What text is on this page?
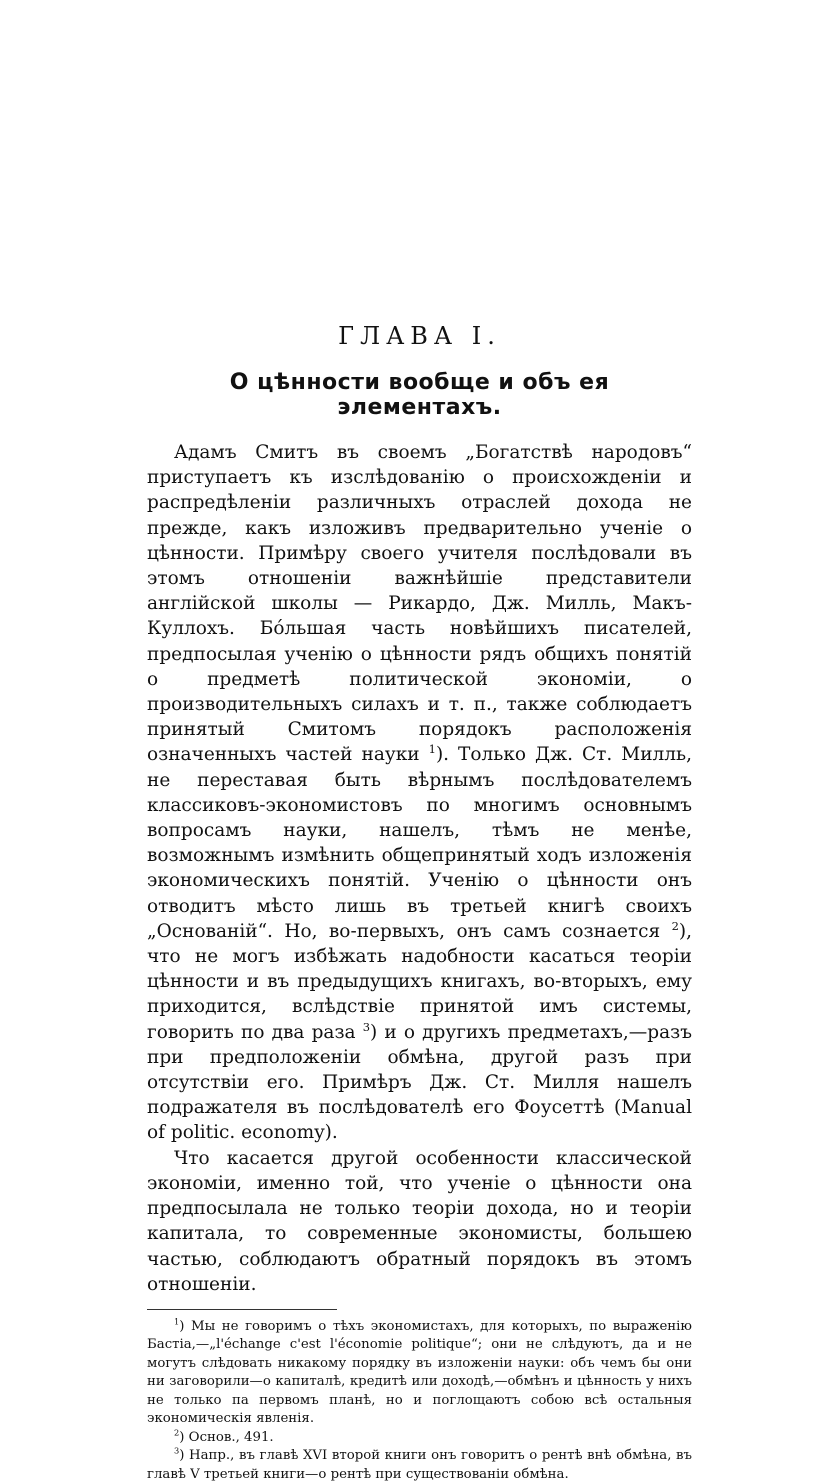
ГЛАВА I.
О цѣнности вообще и объ ея элементахъ.

Адамъ Смитъ въ своемъ „Богатствѣ народовъ“ приступаетъ къ изслѣдованію о происхожденіи и распредѣленіи различныхъ отраслей дохода не прежде, какъ изложивъ предварительно ученіе о цѣнности. Примѣру своего учителя послѣдовали въ этомъ отношеніи важнѣйшіе представители англійской школы — Рикардо, Дж. Милль, Макъ-Куллохъ. Бо́льшая часть новѣйшихъ писателей, предпосылая ученію о цѣнности рядъ общихъ понятій о предметѣ политической экономіи, о производительныхъ силахъ и т. п., также соблюдаетъ принятый Смитомъ порядокъ расположенія означенныхъ частей науки $^1$). Только Дж. Ст. Милль, не переставая быть вѣрнымъ послѣдователемъ классиковъ-экономистовъ по многимъ основнымъ вопросамъ науки, нашелъ, тѣмъ не менѣе, возможнымъ измѣнить общепринятый ходъ изложенія экономическихъ понятій. Ученію о цѣнности онъ отводитъ мѣсто лишь въ третьей книгѣ своихъ „Основаній“. Но, во-первыхъ, онъ самъ сознается $^2$), что не могъ избѣжать надобности касаться теоріи цѣнности и въ предыдущихъ книгахъ, во-вторыхъ, ему приходится, вслѣдствіе принятой имъ системы, говорить по два раза $^3$) и о другихъ предметахъ,—разъ при предположеніи обмѣна, другой разъ при отсутствіи его. Примѣръ Дж. Ст. Милля нашелъ подражателя въ послѣдователѣ его Фоусеттѣ (Manual of politic. economy).

Что касается другой особенности классической экономіи, именно той, что ученіе о цѣнности она предпосылала не только теоріи дохода, но и теоріи капитала, то современные экономисты, большею частью, соблюдаютъ обратный порядокъ въ этомъ отношеніи.

$^1$) Мы не говоримъ о тѣхъ экономистахъ, для которыхъ, по выраженію Бастіа,—„l'échange c'est l'économie politique“; они не слѣдуютъ, да и не могутъ слѣдовать никакому порядку въ изложеніи науки: объ чемъ бы они ни заговорили—о капиталѣ, кредитѣ или доходѣ,—обмѣнъ и цѣнность у нихъ не только па первомъ планѣ, но и поглощаютъ собою всѣ остальныя экономическія явленія.

$^2$) Основ., 491.

$^3$) Напр., въ главѣ XVI второй книги онъ говоритъ о рентѣ внѣ обмѣна, въ главѣ V третьей книги—о рентѣ при существованіи обмѣна.
